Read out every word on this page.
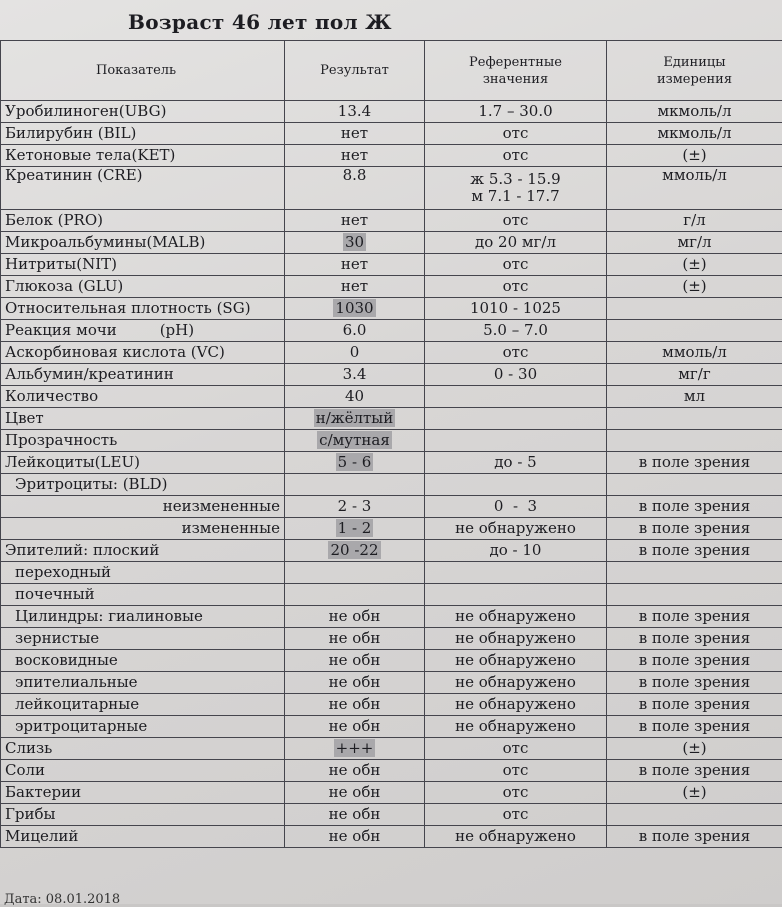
Возраст 46 лет пол Ж
Показатель	Результат	Референтные значения	Единицы измерения

Уробилиноген(UBG)	13.4	1.7 – 30.0	мкмоль/л
Билирубин (BIL)	нет	отс	мкмоль/л
Кетоновые тела(KET)	нет	отс	(±)
Креатинин (CRE)	8.8	ж 5.3 - 15.9
м 7.1 - 17.7	ммоль/л
Белок (PRO)	нет	отс	г/л
Микроальбумины(MALB)	30	до 20 мг/л	мг/л
Нитриты(NIT)	нет	отс	(±)
Глюкоза (GLU)	нет	отс	(±)
Относительная плотность (SG)	1030	1010 - 1025	
Реакция мочи         (pH)	6.0	5.0 – 7.0	
Аскорбиновая кислота (VC)	0	отс	ммоль/л
Альбумин/креатинин	3.4	0 - 30	мг/г
Количество	40		мл
Цвет	н/жёлтый		
Прозрачность	с/мутная		
Лейкоциты(LEU)	5 - 6	до - 5	в поле зрения
Эритроциты: (BLD)			
неизмененные	2 - 3	0  -  3	в поле зрения
измененные	1 - 2	не обнаружено	в поле зрения
Эпителий: плоский	20 -22	до - 10	в поле зрения
переходный			
почечный			
Цилиндры: гиалиновые	не обн	не обнаружено	в поле зрения
зернистые	не обн	не обнаружено	в поле зрения
восковидные	не обн	не обнаружено	в поле зрения
эпителиальные	не обн	не обнаружено	в поле зрения
лейкоцитарные	не обн	не обнаружено	в поле зрения
эритроцитарные	не обн	не обнаружено	в поле зрения
Слизь	+++	отс	(±)
Соли	не обн	отс	в поле зрения
Бактерии	не обн	отс	(±)
Грибы	не обн	отс	
Мицелий	не обн	не обнаружено	в поле зрения
Дата: 08.01.2018
